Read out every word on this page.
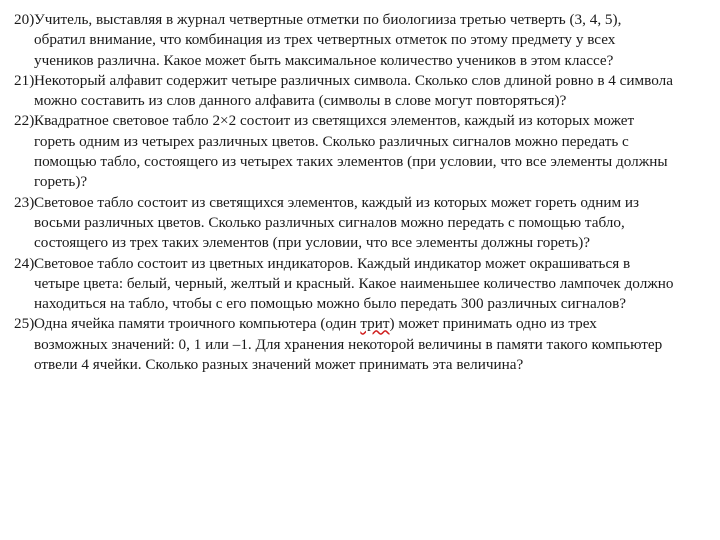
20) Учитель, выставляя в журнал четвертные отметки по биологииза третью четверть (3, 4, 5),
обратил внимание, что комбинация из трех четвертных отметок по этому предмету у всех
учеников различна. Какое может быть максимальное количество учеников в этом классе?
21) Некоторый алфавит содержит четыре различных символа. Сколько слов длиной ровно в 4 символа
можно составить из слов данного алфавита (символы в слове могут повторяться)?
22) Квадратное световое табло 2×2 состоит из светящихся элементов, каждый из которых может
гореть одним из четырех различных цветов. Сколько различных сигналов можно передать с
помощью табло, состоящего из четырех таких элементов (при условии, что все элементы должны
гореть)?
23) Световое табло состоит из светящихся элементов, каждый из которых может гореть одним из
восьми различных цветов. Сколько различных сигналов можно передать с помощью табло,
состоящего из трех таких элементов (при условии, что все элементы должны гореть)?
24) Световое табло состоит из цветных индикаторов. Каждый индикатор может окрашиваться в
четыре цвета: белый, черный, желтый и красный. Какое наименьшее количество лампочек должно
находиться на табло, чтобы с его помощью можно было передать 300 различных сигналов?
25) Одна ячейка памяти троичного компьютера (один трит) может принимать одно из трех
возможных значений: 0, 1 или –1. Для хранения некоторой величины в памяти такого компьютер
отвели 4 ячейки. Сколько разных значений может принимать эта величина?
